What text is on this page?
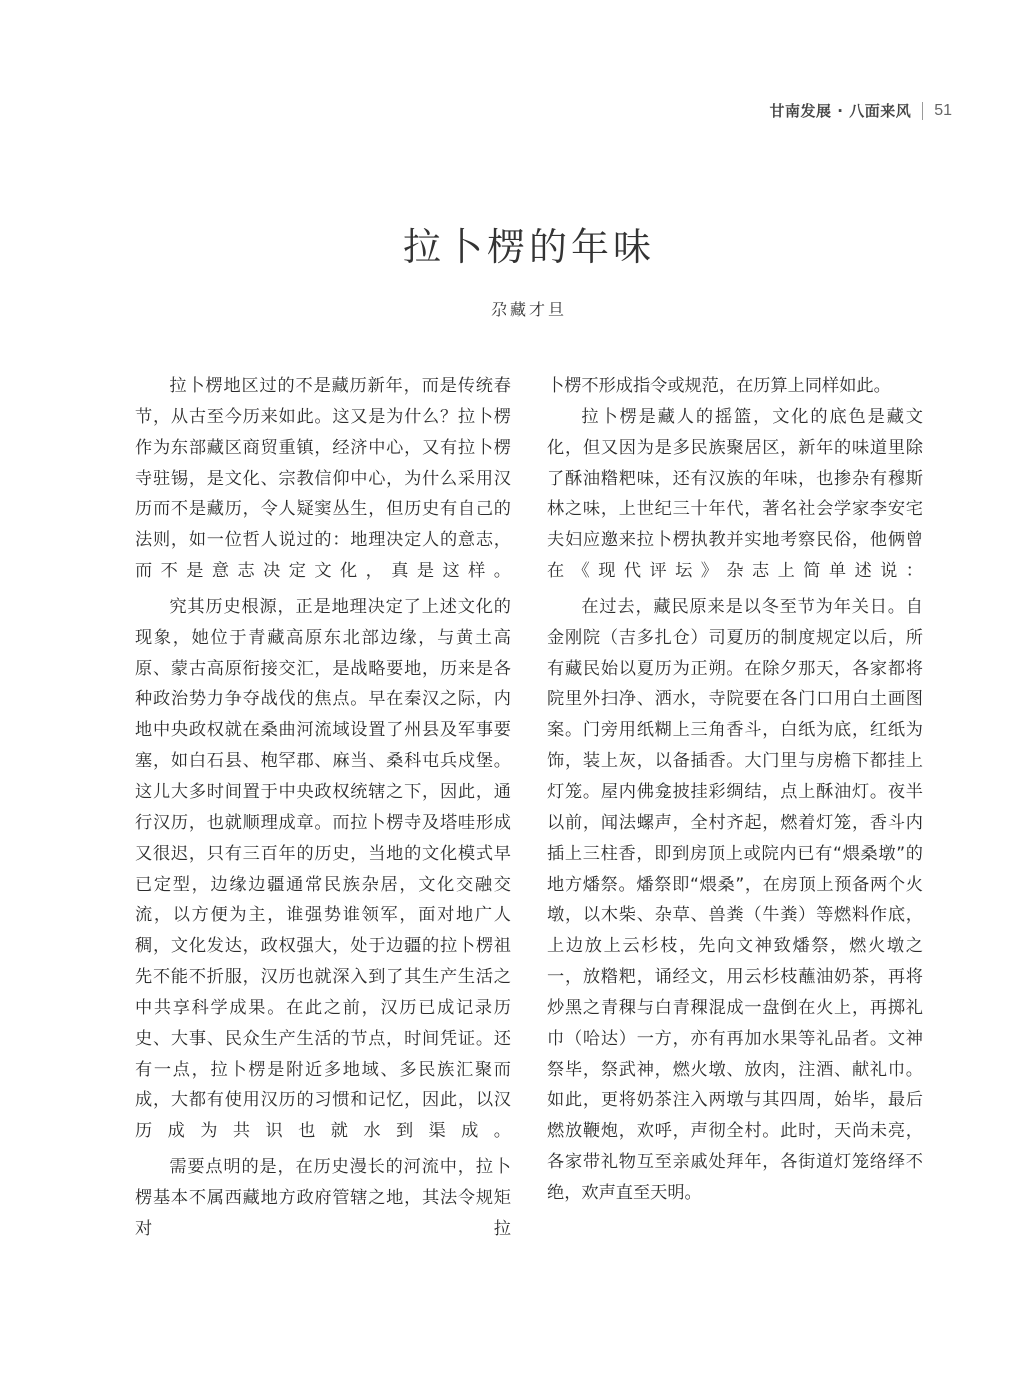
甘南发展 · 八面来风 51
拉卜楞的年味
尕藏才旦

拉卜楞地区过的不是藏历新年，而是传统春节，从古至今历来如此。这又是为什么？拉卜楞作为东部藏区商贸重镇，经济中心，又有拉卜楞寺驻锡，是文化、宗教信仰中心，为什么采用汉历而不是藏历，令人疑窦丛生，但历史有自己的法则，如一位哲人说过的：地理决定人的意志，而不是意志决定文化，真是这样。

究其历史根源，正是地理决定了上述文化的现象，她位于青藏高原东北部边缘，与黄土高原、蒙古高原衔接交汇，是战略要地，历来是各种政治势力争夺战伐的焦点。早在秦汉之际，内地中央政权就在桑曲河流域设置了州县及军事要塞，如白石县、枹罕郡、麻当、桑科屯兵戍堡。这儿大多时间置于中央政权统辖之下，因此，通行汉历，也就顺理成章。而拉卜楞寺及塔哇形成又很迟，只有三百年的历史，当地的文化模式早已定型，边缘边疆通常民族杂居，文化交融交流，以方便为主，谁强势谁领军，面对地广人稠，文化发达，政权强大，处于边疆的拉卜楞祖先不能不折服，汉历也就深入到了其生产生活之中共享科学成果。在此之前，汉历已成记录历史、大事、民众生产生活的节点，时间凭证。还有一点，拉卜楞是附近多地域、多民族汇聚而成，大都有使用汉历的习惯和记忆，因此，以汉历成为共识也就水到渠成。

需要点明的是，在历史漫长的河流中，拉卜楞基本不属西藏地方政府管辖之地，其法令规矩对拉

卜楞不形成指令或规范，在历算上同样如此。

拉卜楞是藏人的摇篮，文化的底色是藏文化，但又因为是多民族聚居区，新年的味道里除了酥油糌粑味，还有汉族的年味，也掺杂有穆斯林之味，上世纪三十年代，著名社会学家李安宅夫妇应邀来拉卜楞执教并实地考察民俗，他俩曾在《现代评坛》杂志上简单述说：

在过去，藏民原来是以冬至节为年关日。自金刚院（吉多扎仓）司夏历的制度规定以后，所有藏民始以夏历为正朔。在除夕那天，各家都将院里外扫净、洒水，寺院要在各门口用白土画图案。门旁用纸糊上三角香斗，白纸为底，红纸为饰，装上灰，以备插香。大门里与房檐下都挂上灯笼。屋内佛龛披挂彩绸结，点上酥油灯。夜半以前，闻法螺声，全村齐起，燃着灯笼，香斗内插上三柱香，即到房顶上或院内已有“煨桑墩”的地方燔祭。燔祭即“煨桑”，在房顶上预备两个火墩，以木柴、杂草、兽粪（牛粪）等燃料作底，上边放上云杉枝，先向文神致燔祭，燃火墩之一，放糌粑，诵经文，用云杉枝蘸油奶茶，再将炒黑之青稞与白青稞混成一盘倒在火上，再掷礼巾（哈达）一方，亦有再加水果等礼品者。文神祭毕，祭武神，燃火墩、放肉，注酒、献礼巾。如此，更将奶茶注入两墩与其四周，始毕，最后燃放鞭炮，欢呼，声彻全村。此时，天尚未亮，各家带礼物互至亲戚处拜年，各街道灯笼络绎不绝，欢声直至天明。
